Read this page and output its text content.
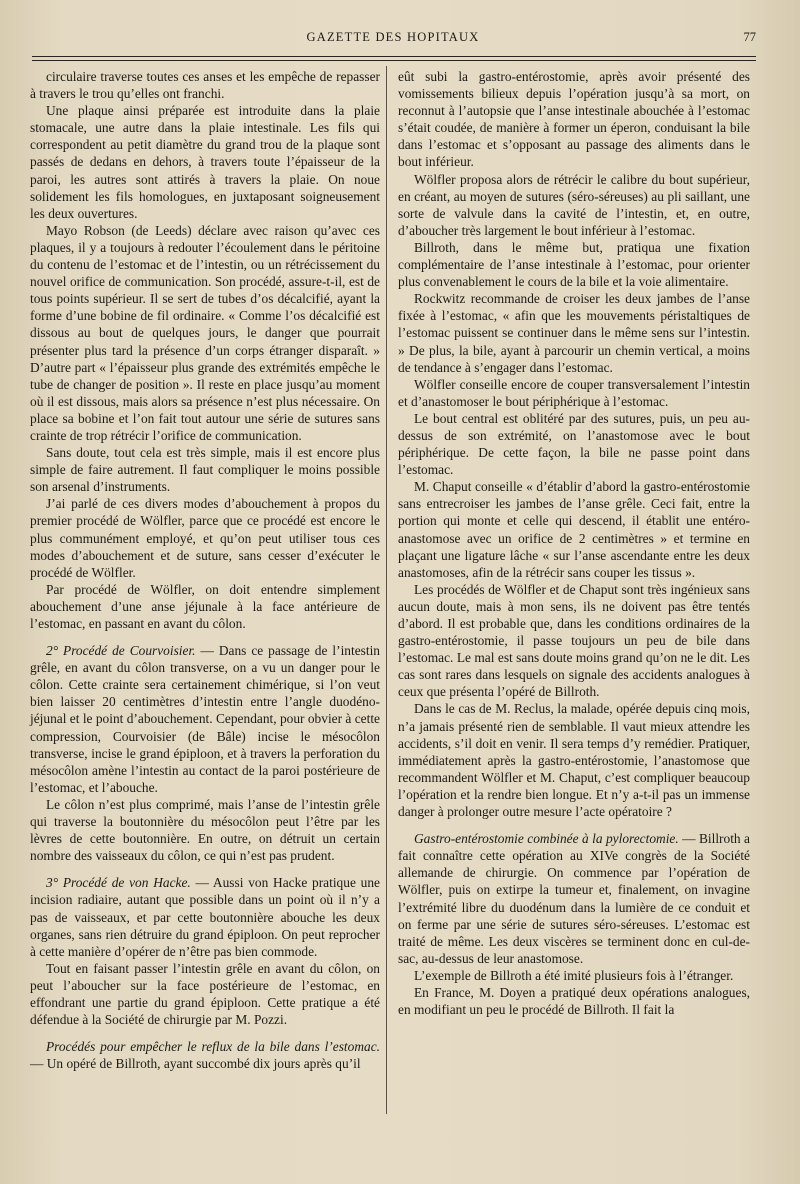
GAZETTE DES HOPITAUX	77

circulaire traverse toutes ces anses et les empêche de repasser à travers le trou qu’elles ont franchi.

Une plaque ainsi préparée est introduite dans la plaie stomacale, une autre dans la plaie intestinale. Les fils qui correspondent au petit diamètre du grand trou de la plaque sont passés de dedans en dehors, à travers toute l’épaisseur de la paroi, les autres sont attirés à travers la plaie. On noue solidement les fils homologues, en juxtaposant soigneusement les deux ouvertures.

Mayo Robson (de Leeds) déclare avec raison qu’avec ces plaques, il y a toujours à redouter l’écoulement dans le péritoine du contenu de l’estomac et de l’intestin, ou un rétrécissement du nouvel orifice de communication. Son procédé, assure-t-il, est de tous points supérieur. Il se sert de tubes d’os décalcifié, ayant la forme d’une bobine de fil ordinaire. « Comme l’os décalcifié est dissous au bout de quelques jours, le danger que pourrait présenter plus tard la présence d’un corps étranger disparaît. » D’autre part « l’épaisseur plus grande des extrémités empêche le tube de changer de position ». Il reste en place jusqu’au moment où il est dissous, mais alors sa présence n’est plus nécessaire. On place sa bobine et l’on fait tout autour une série de sutures sans crainte de trop rétrécir l’orifice de communication.

Sans doute, tout cela est très simple, mais il est encore plus simple de faire autrement. Il faut compliquer le moins possible son arsenal d’instruments.

J’ai parlé de ces divers modes d’abouchement à propos du premier procédé de Wölfler, parce que ce procédé est encore le plus communément employé, et qu’on peut utiliser tous ces modes d’abouchement et de suture, sans cesser d’exécuter le procédé de Wölfler.

Par procédé de Wölfler, on doit entendre simplement abouchement d’une anse jéjunale à la face antérieure de l’estomac, en passant en avant du côlon.

2° Procédé de Courvoisier. — Dans ce passage de l’intestin grêle, en avant du côlon transverse, on a vu un danger pour le côlon. Cette crainte sera certainement chimérique, si l’on veut bien laisser 20 centimètres d’intestin entre l’angle duodéno-jéjunal et le point d’abouchement. Cependant, pour obvier à cette compression, Courvoisier (de Bâle) incise le mésocôlon transverse, incise le grand épiploon, et à travers la perforation du mésocôlon amène l’intestin au contact de la paroi postérieure de l’estomac, et l’abouche.

Le côlon n’est plus comprimé, mais l’anse de l’intestin grêle qui traverse la boutonnière du mésocôlon peut l’être par les lèvres de cette boutonnière. En outre, on détruit un certain nombre des vaisseaux du côlon, ce qui n’est pas prudent.

3° Procédé de von Hacke. — Aussi von Hacke pratique une incision radiaire, autant que possible dans un point où il n’y a pas de vaisseaux, et par cette boutonnière abouche les deux organes, sans rien détruire du grand épiploon. On peut reprocher à cette manière d’opérer de n’être pas bien commode.

Tout en faisant passer l’intestin grêle en avant du côlon, on peut l’aboucher sur la face postérieure de l’estomac, en effondrant une partie du grand épiploon. Cette pratique a été défendue à la Société de chirurgie par M. Pozzi.

Procédés pour empêcher le reflux de la bile dans l’estomac. — Un opéré de Billroth, ayant succombé dix jours après qu’il

eût subi la gastro-entérostomie, après avoir présenté des vomissements bilieux depuis l’opération jusqu’à sa mort, on reconnut à l’autopsie que l’anse intestinale abouchée à l’estomac s’était coudée, de manière à former un éperon, conduisant la bile dans l’estomac et s’opposant au passage des aliments dans le bout inférieur.

Wölfler proposa alors de rétrécir le calibre du bout supérieur, en créant, au moyen de sutures (séro-séreuses) au pli saillant, une sorte de valvule dans la cavité de l’intestin, et, en outre, d’aboucher très largement le bout inférieur à l’estomac.

Billroth, dans le même but, pratiqua une fixation complémentaire de l’anse intestinale à l’estomac, pour orienter plus convenablement le cours de la bile et la voie alimentaire.

Rockwitz recommande de croiser les deux jambes de l’anse fixée à l’estomac, « afin que les mouvements péristaltiques de l’estomac puissent se continuer dans le même sens sur l’intestin. » De plus, la bile, ayant à parcourir un chemin vertical, a moins de tendance à s’engager dans l’estomac.

Wölfler conseille encore de couper transversalement l’intestin et d’anastomoser le bout périphérique à l’estomac.

Le bout central est oblitéré par des sutures, puis, un peu au-dessus de son extrémité, on l’anastomose avec le bout périphérique. De cette façon, la bile ne passe point dans l’estomac.

M. Chaput conseille « d’établir d’abord la gastro-entérostomie sans entrecroiser les jambes de l’anse grêle. Ceci fait, entre la portion qui monte et celle qui descend, il établit une entéro-anastomose avec un orifice de 2 centimètres » et termine en plaçant une ligature lâche « sur l’anse ascendante entre les deux anastomoses, afin de la rétrécir sans couper les tissus ».

Les procédés de Wölfler et de Chaput sont très ingénieux sans aucun doute, mais à mon sens, ils ne doivent pas être tentés d’abord. Il est probable que, dans les conditions ordinaires de la gastro-entérostomie, il passe toujours un peu de bile dans l’estomac. Le mal est sans doute moins grand qu’on ne le dit. Les cas sont rares dans lesquels on signale des accidents analogues à ceux que présenta l’opéré de Billroth.

Dans le cas de M. Reclus, la malade, opérée depuis cinq mois, n’a jamais présenté rien de semblable. Il vaut mieux attendre les accidents, s’il doit en venir. Il sera temps d’y remédier. Pratiquer, immédiatement après la gastro-entérostomie, l’anastomose que recommandent Wölfler et M. Chaput, c’est compliquer beaucoup l’opération et la rendre bien longue. Et n’y a-t-il pas un immense danger à prolonger outre mesure l’acte opératoire ?

Gastro-entérostomie combinée à la pylorectomie. — Billroth a fait connaître cette opération au XIVe congrès de la Société allemande de chirurgie. On commence par l’opération de Wölfler, puis on extirpe la tumeur et, finalement, on invagine l’extrémité libre du duodénum dans la lumière de ce conduit et on ferme par une série de sutures séro-séreuses. L’estomac est traité de même. Les deux viscères se terminent donc en cul-de-sac, au-dessus de leur anastomose.

L’exemple de Billroth a été imité plusieurs fois à l’étranger.

En France, M. Doyen a pratiqué deux opérations analogues, en modifiant un peu le procédé de Billroth. Il fait la
